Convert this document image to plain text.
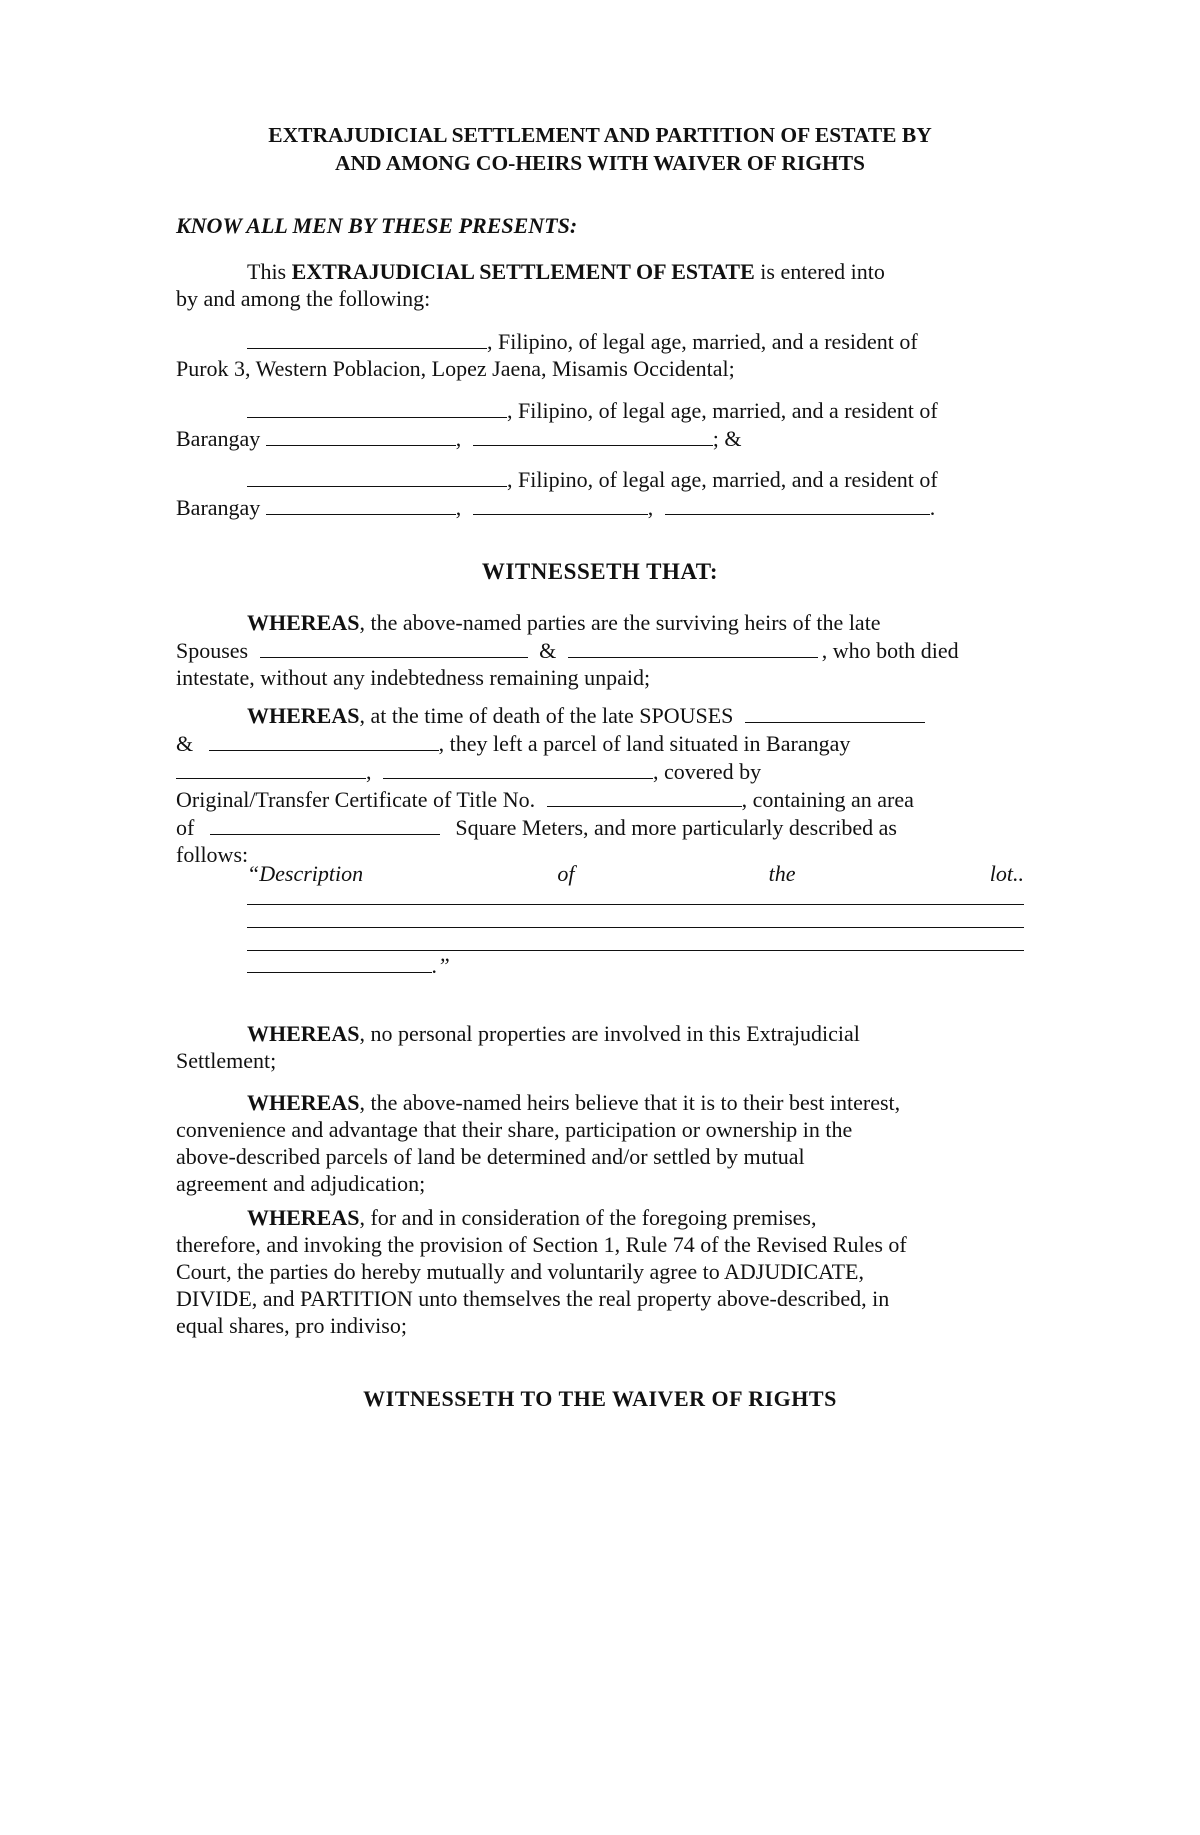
EXTRAJUDICIAL SETTLEMENT AND PARTITION OF ESTATE BY
AND AMONG CO-HEIRS WITH WAIVER OF RIGHTS

KNOW ALL MEN BY THESE PRESENTS:

This EXTRAJUDICIAL SETTLEMENT OF ESTATE is entered into
by and among the following:
, Filipino, of legal age, married, and a resident of
Purok 3, Western Poblacion, Lopez Jaena, Misamis Occidental;
, Filipino, of legal age, married, and a resident of
Barangay	,	; &
, Filipino, of legal age, married, and a resident of
Barangay	,	,	.
WITNESSETH THAT:
WHEREAS, the above-named parties are the surviving heirs of the late
Spouses	&	, who both died
intestate, without any indebtedness remaining unpaid;
WHEREAS, at the time of death of the late SPOUSES
&	, they left a parcel of land situated in Barangay
,	, covered by
Original/Transfer Certificate of Title No.	, containing an area
of	Square Meters, and more particularly described as
follows:
“Description	of	the	lot..
.”
WHEREAS, no personal properties are involved in this Extrajudicial
Settlement;
WHEREAS, the above-named heirs believe that it is to their best interest,
convenience and advantage that their share, participation or ownership in the
above-described parcels of land be determined and/or settled by mutual
agreement and adjudication;
WHEREAS, for and in consideration of the foregoing premises,
therefore, and invoking the provision of Section 1, Rule 74 of the Revised Rules of
Court, the parties do hereby mutually and voluntarily agree to ADJUDICATE,
DIVIDE, and PARTITION unto themselves the real property above-described, in
equal shares, pro indiviso;
WITNESSETH TO THE WAIVER OF RIGHTS
